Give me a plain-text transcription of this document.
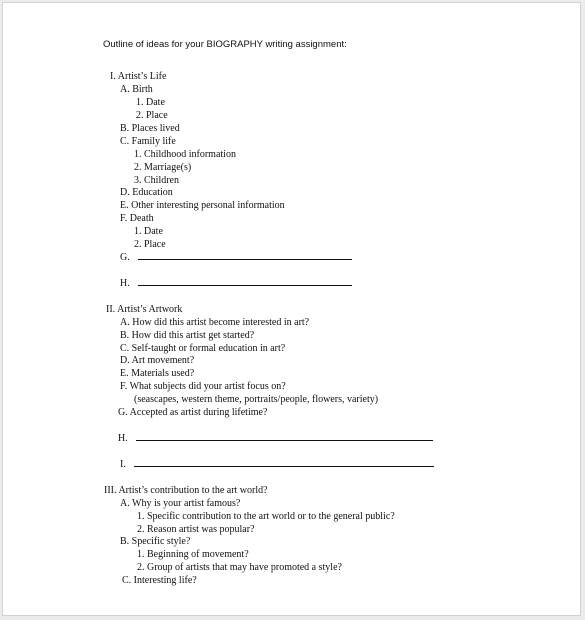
Outline of ideas for your BIOGRAPHY writing assignment:
I. Artist’s Life
A. Birth
1. Date
2. Place
B. Places lived
C. Family life
1. Childhood information
2. Marriage(s)
3. Children
D. Education
E. Other interesting personal information
F. Death
1. Date
2. Place
G.
H.
II. Artist’s Artwork
A. How did this artist become interested in art?
B. How did this artist get started?
C. Self-taught or formal education in art?
D. Art movement?
E. Materials used?
F. What subjects did your artist focus on?
(seascapes, western theme, portraits/people, flowers, variety)
G. Accepted as artist during lifetime?
H.
I.
III. Artist’s contribution to the art world?
A. Why is your artist famous?
1. Specific contribution to the art world or to the general public?
2. Reason artist was popular?
B. Specific style?
1. Beginning of movement?
2. Group of artists that may have promoted a style?
C. Interesting life?
